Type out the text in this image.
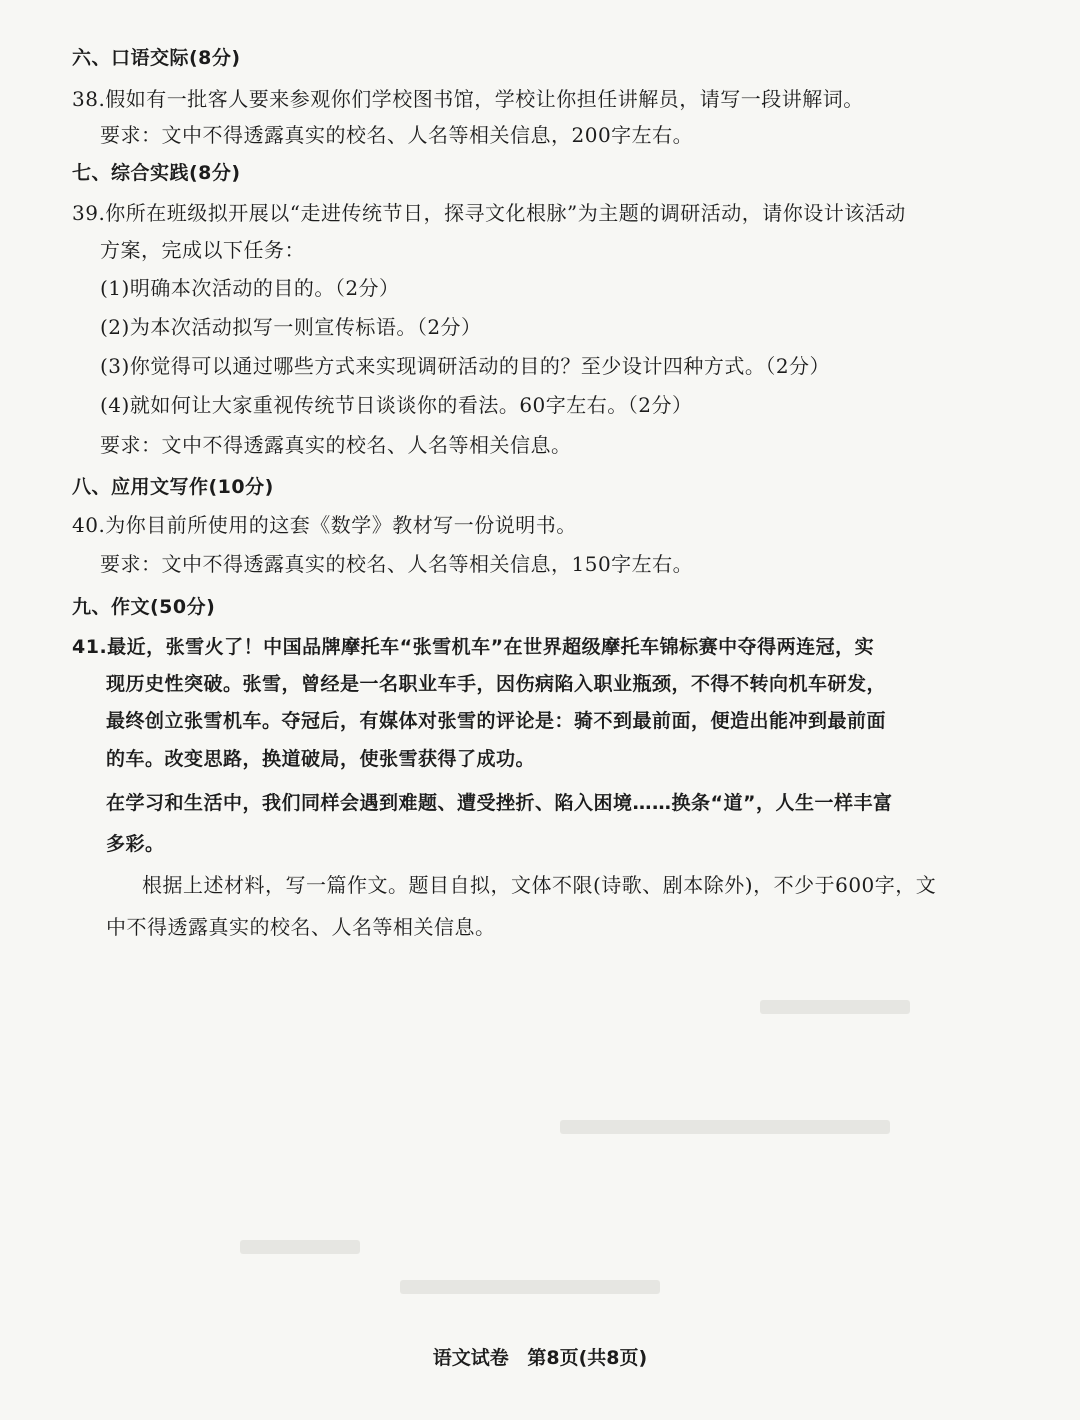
六、口语交际(8分)
38.假如有一批客人要来参观你们学校图书馆，学校让你担任讲解员，请写一段讲解词。
要求：文中不得透露真实的校名、人名等相关信息，200字左右。
七、综合实践(8分)
39.你所在班级拟开展以“走进传统节日，探寻文化根脉”为主题的调研活动，请你设计该活动
方案，完成以下任务：
(1)明确本次活动的目的。（2分）
(2)为本次活动拟写一则宣传标语。（2分）
(3)你觉得可以通过哪些方式来实现调研活动的目的？至少设计四种方式。（2分）
(4)就如何让大家重视传统节日谈谈你的看法。60字左右。（2分）
要求：文中不得透露真实的校名、人名等相关信息。
八、应用文写作(10分)
40.为你目前所使用的这套《数学》教材写一份说明书。
要求：文中不得透露真实的校名、人名等相关信息，150字左右。
九、作文(50分)
41.最近，张雪火了！中国品牌摩托车“张雪机车”在世界超级摩托车锦标赛中夺得两连冠，实
现历史性突破。张雪，曾经是一名职业车手，因伤病陷入职业瓶颈，不得不转向机车研发，
最终创立张雪机车。夺冠后，有媒体对张雪的评论是：骑不到最前面，便造出能冲到最前面
的车。改变思路，换道破局，使张雪获得了成功。
在学习和生活中，我们同样会遇到难题、遭受挫折、陷入困境……换条“道”，人生一样丰富
多彩。
根据上述材料，写一篇作文。题目自拟，文体不限(诗歌、剧本除外)，不少于600字，文
中不得透露真实的校名、人名等相关信息。
语文试卷 第8页(共8页)
